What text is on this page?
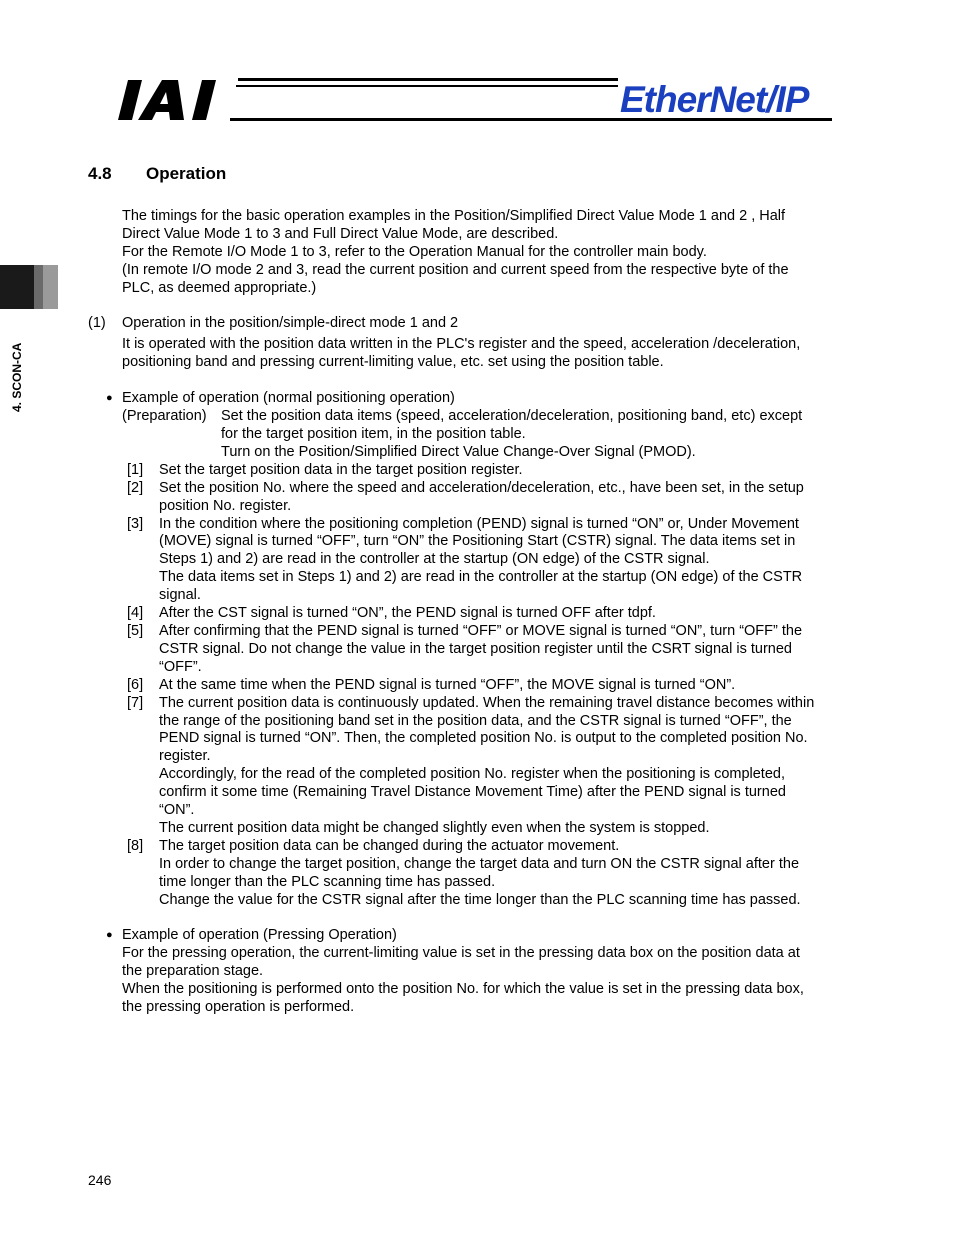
EtherNet/IP
4. SCON-CA
4.8 Operation
The timings for the basic operation examples in the Position/Simplified Direct Value Mode 1 and 2 , Half
Direct Value Mode 1 to 3 and Full Direct Value Mode, are described.
For the Remote I/O Mode 1 to 3, refer to the Operation Manual for the controller main body.
(In remote I/O mode 2 and 3, read the current position and current speed from the respective byte of the
PLC, as deemed appropriate.)
(1) Operation in the position/simple-direct mode 1 and 2
It is operated with the position data written in the PLC's register and the speed, acceleration /deceleration,
positioning band and pressing current-limiting value, etc. set using the position table.
● Example of operation (normal positioning operation)
(Preparation) Set the position data items (speed, acceleration/deceleration, positioning band, etc) except
for the target position item, in the position table.
Turn on the Position/Simplified Direct Value Change-Over Signal (PMOD).
[1] Set the target position data in the target position register.
[2] Set the position No. where the speed and acceleration/deceleration, etc., have been set, in the setup
position No. register.
[3] In the condition where the positioning completion (PEND) signal is turned “ON” or, Under Movement
(MOVE) signal is turned “OFF”, turn “ON” the Positioning Start (CSTR) signal. The data items set in
Steps 1) and 2) are read in the controller at the startup (ON edge) of the CSTR signal.
The data items set in Steps 1) and 2) are read in the controller at the startup (ON edge) of the CSTR
signal.
[4] After the CST signal is turned “ON”, the PEND signal is turned OFF after tdpf.
[5] After confirming that the PEND signal is turned “OFF” or MOVE signal is turned “ON”, turn “OFF” the
CSTR signal. Do not change the value in the target position register until the CSRT signal is turned
“OFF”.
[6] At the same time when the PEND signal is turned “OFF”, the MOVE signal is turned “ON”.
[7] The current position data is continuously updated. When the remaining travel distance becomes within
the range of the positioning band set in the position data, and the CSTR signal is turned “OFF”, the
PEND signal is turned “ON”. Then, the completed position No. is output to the completed position No.
register.
Accordingly, for the read of the completed position No. register when the positioning is completed,
confirm it some time (Remaining Travel Distance Movement Time) after the PEND signal is turned
“ON”.
The current position data might be changed slightly even when the system is stopped.
[8] The target position data can be changed during the actuator movement.
In order to change the target position, change the target data and turn ON the CSTR signal after the
time longer than the PLC scanning time has passed.
Change the value for the CSTR signal after the time longer than the PLC scanning time has passed.
● Example of operation (Pressing Operation)
For the pressing operation, the current-limiting value is set in the pressing data box on the position data at
the preparation stage.
When the positioning is performed onto the position No. for which the value is set in the pressing data box,
the pressing operation is performed.
246
